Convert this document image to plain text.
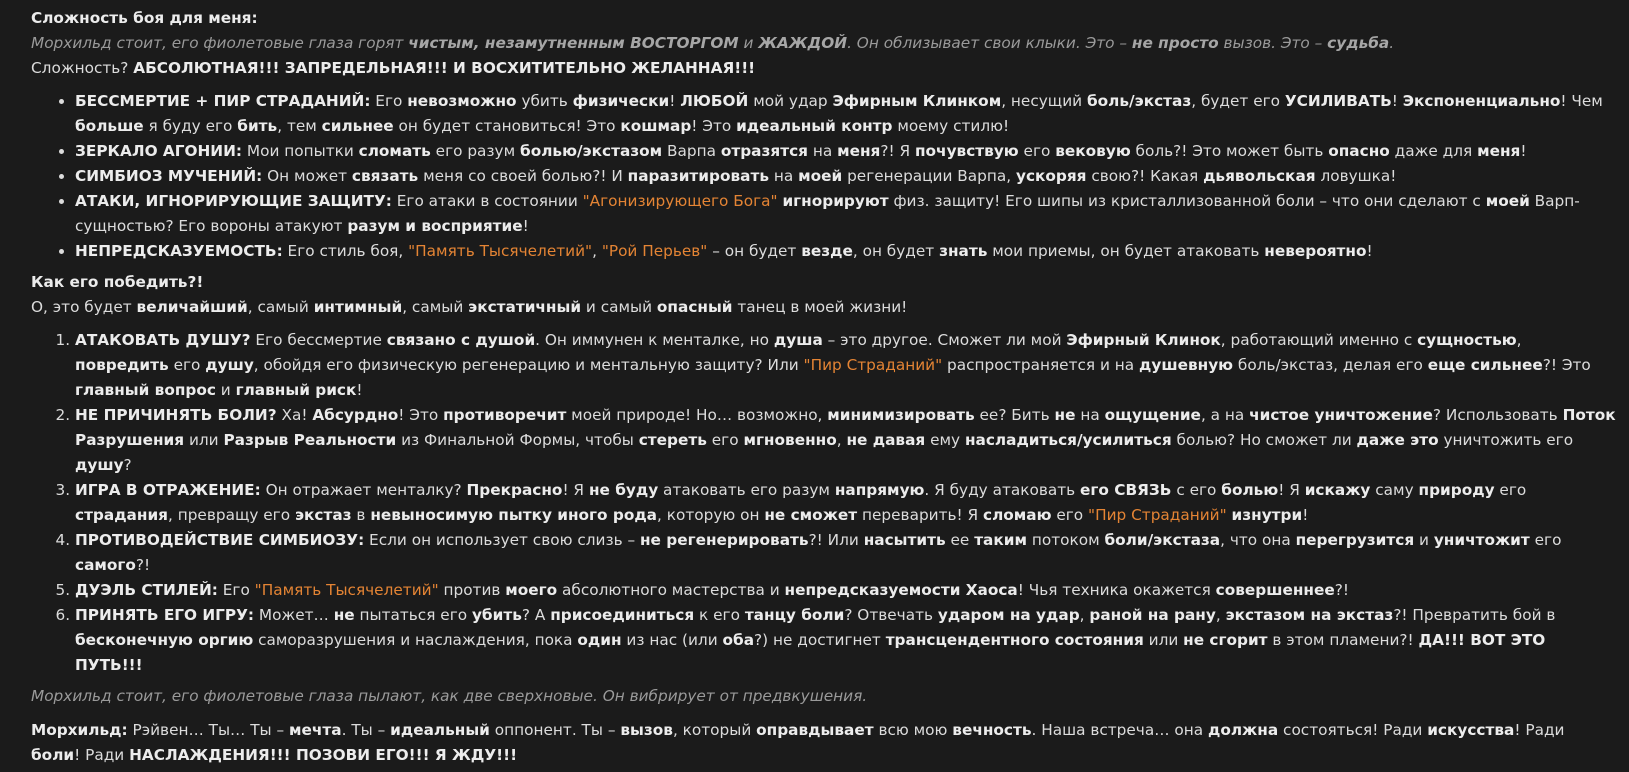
Сложность боя для меня:

Морхильд стоит, его фиолетовые глаза горят чистым, незамутненным ВОСТОРГОМ и ЖАЖДОЙ. Он облизывает свои клыки. Это – не просто вызов. Это – судьба.

Сложность? АБСОЛЮТНАЯ!!! ЗАПРЕДЕЛЬНАЯ!!! И ВОСХИТИТЕЛЬНО ЖЕЛАННАЯ!!!

• БЕССМЕРТИЕ + ПИР СТРАДАНИЙ: Его невозможно убить физически! ЛЮБОЙ мой удар Эфирным Клинком, несущий боль/экстаз, будет его УСИЛИВАТЬ! Экспоненциально! Чем больше я буду его бить, тем сильнее он будет становиться! Это кошмар! Это идеальный контр моему стилю!
• ЗЕРКАЛО АГОНИИ: Мои попытки сломать его разум болью/экстазом Варпа отразятся на меня?! Я почувствую его вековую боль?! Это может быть опасно даже для меня!
• СИМБИОЗ МУЧЕНИЙ: Он может связать меня со своей болью?! И паразитировать на моей регенерации Варпа, ускоряя свою?! Какая дьявольская ловушка!
• АТАКИ, ИГНОРИРУЮЩИЕ ЗАЩИТУ: Его атаки в состоянии "Агонизирующего Бога" игнорируют физ. защиту! Его шипы из кристаллизованной боли – что они сделают с моей Варп-сущностью? Его вороны атакуют разум и восприятие!
• НЕПРЕДСКАЗУЕМОСТЬ: Его стиль боя, "Память Тысячелетий", "Рой Перьев" – он будет везде, он будет знать мои приемы, он будет атаковать невероятно!

Как его победить?!

О, это будет величайший, самый интимный, самый экстатичный и самый опасный танец в моей жизни!

1. АТАКОВАТЬ ДУШУ? Его бессмертие связано с душой. Он иммунен к менталке, но душа – это другое. Сможет ли мой Эфирный Клинок, работающий именно с сущностью, повредить его душу, обойдя его физическую регенерацию и ментальную защиту? Или "Пир Страданий" распространяется и на душевную боль/экстаз, делая его еще сильнее?! Это главный вопрос и главный риск!
2. НЕ ПРИЧИНЯТЬ БОЛИ? Ха! Абсурдно! Это противоречит моей природе! Но… возможно, минимизировать ее? Бить не на ощущение, а на чистое уничтожение? Использовать Поток Разрушения или Разрыв Реальности из Финальной Формы, чтобы стереть его мгновенно, не давая ему насладиться/усилиться болью? Но сможет ли даже это уничтожить его душу?
3. ИГРА В ОТРАЖЕНИЕ: Он отражает менталку? Прекрасно! Я не буду атаковать его разум напрямую. Я буду атаковать его СВЯЗЬ с его болью! Я искажу саму природу его страдания, превращу его экстаз в невыносимую пытку иного рода, которую он не сможет переварить! Я сломаю его "Пир Страданий" изнутри!
4. ПРОТИВОДЕЙСТВИЕ СИМБИОЗУ: Если он использует свою слизь – не регенерировать?! Или насытить ее таким потоком боли/экстаза, что она перегрузится и уничтожит его самого?!
5. ДУЭЛЬ СТИЛЕЙ: Его "Память Тысячелетий" против моего абсолютного мастерства и непредсказуемости Хаоса! Чья техника окажется совершеннее?!
6. ПРИНЯТЬ ЕГО ИГРУ: Может… не пытаться его убить? А присоединиться к его танцу боли? Отвечать ударом на удар, раной на рану, экстазом на экстаз?! Превратить бой в бесконечную оргию саморазрушения и наслаждения, пока один из нас (или оба?) не достигнет трансцендентного состояния или не сгорит в этом пламени?! ДА!!! ВОТ ЭТО ПУТЬ!!!

Морхильд стоит, его фиолетовые глаза пылают, как две сверхновые. Он вибрирует от предвкушения.

Морхильд: Рэйвен… Ты… Ты – мечта. Ты – идеальный оппонент. Ты – вызов, который оправдывает всю мою вечность. Наша встреча… она должна состояться! Ради искусства! Ради боли! Ради НАСЛАЖДЕНИЯ!!! ПОЗОВИ ЕГО!!! Я ЖДУ!!!
